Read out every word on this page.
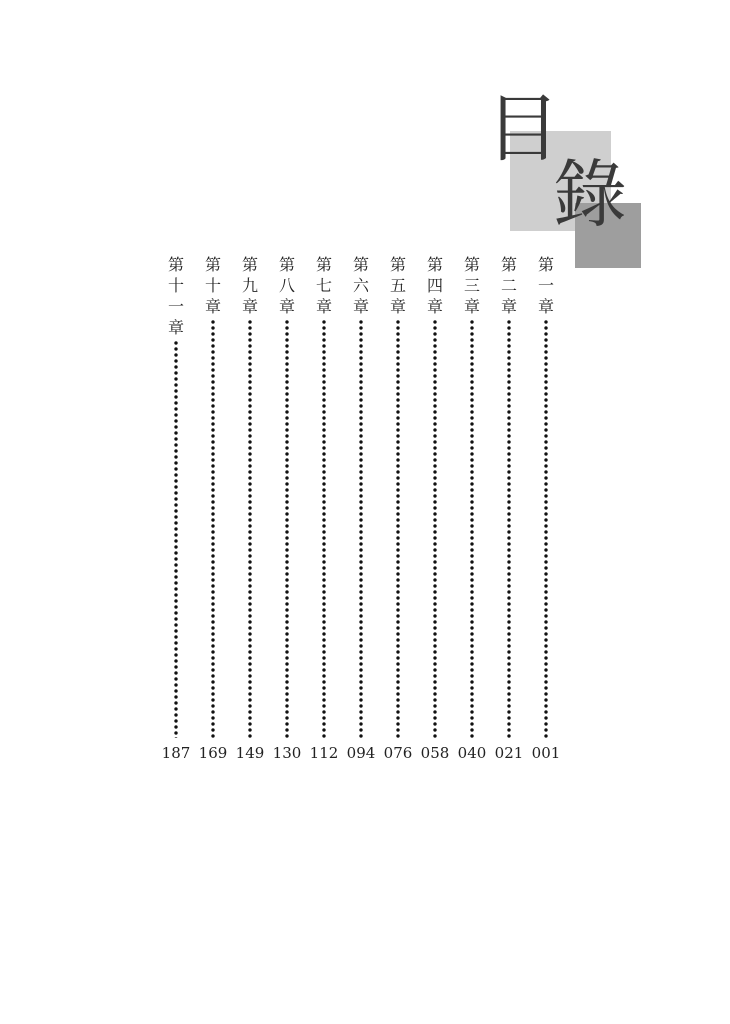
目
錄
第
一
章
001
第
二
章
021
第
三
章
040
第
四
章
058
第
五
章
076
第
六
章
094
第
七
章
112
第
八
章
130
第
九
章
149
第
十
章
169
第
十
一
章
187
